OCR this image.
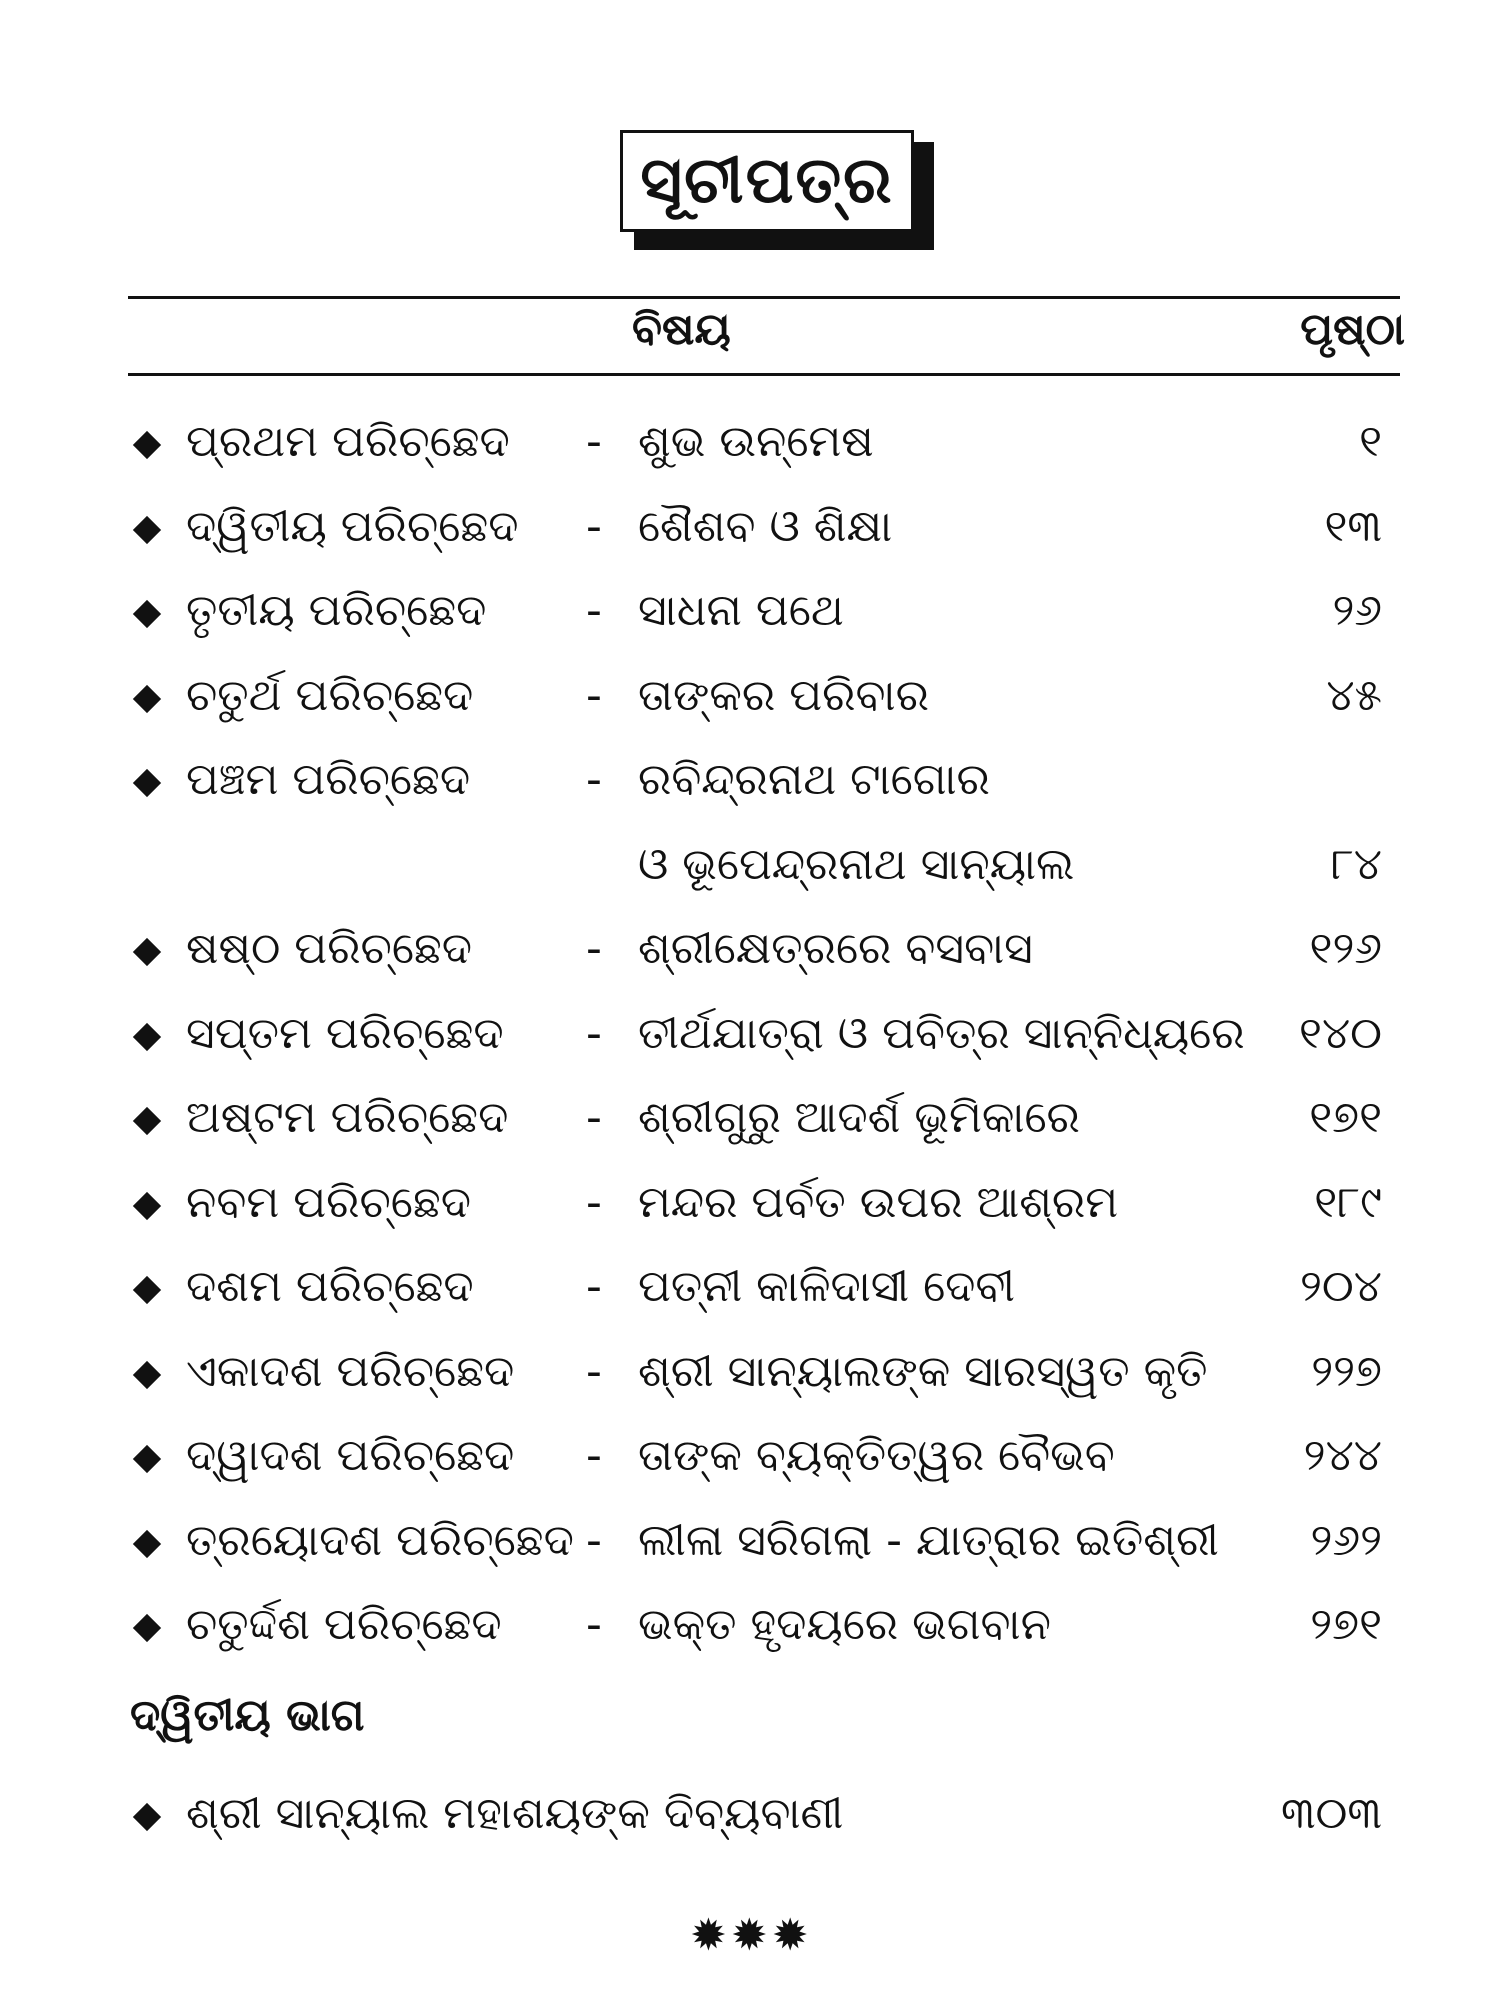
ସୂଚୀପତ୍ର
ବିଷୟ	ପୃଷ୍ଠା
ପ୍ରଥମ ପରିଚ୍ଛେଦ - ଶୁଭ ଉନ୍ମେଷ	୧
ଦ୍ୱିତୀୟ ପରିଚ୍ଛେଦ - ଶୈଶବ ଓ ଶିକ୍ଷା	୧୩
ତୃତୀୟ ପରିଚ୍ଛେଦ - ସାଧନା ପଥେ	୨୬
ଚତୁର୍ଥ ପରିଚ୍ଛେଦ	- ତାଙ୍କର ପରିବାର	୪୫
ପଞ୍ଚମ ପରିଚ୍ଛେଦ	- ରବିନ୍ଦ୍ରନାଥ ଟାଗୋର
ଓ ଭୂପେନ୍ଦ୍ରନାଥ ସାନ୍ୟାଲ	୮୪
ଷଷ୍ଠ ପରିଚ୍ଛେଦ	- ଶ୍ରୀକ୍ଷେତ୍ରରେ ବସବାସ	୧୨୬
ସପ୍ତମ ପରିଚ୍ଛେଦ - ତୀର୍ଥଯାତ୍ରା ଓ ପବିତ୍ର ସାନ୍ନିଧ୍ୟରେ ୧୪୦
ଅଷ୍ଟମ ପରିଚ୍ଛେଦ - ଶ୍ରୀଗୁରୁ ଆଦର୍ଶ ଭୂମିକାରେ	୧୭୧
ନବମ ପରିଚ୍ଛେଦ	- ମନ୍ଦର ପର୍ବତ ଉପର ଆଶ୍ରମ	୧୮୯
ଦଶମ ପରିଚ୍ଛେଦ	- ପତ୍ନୀ କାଳିଦାସୀ ଦେବୀ	୨୦୪
ଏକାଦଶ ପରିଚ୍ଛେଦ - ଶ୍ରୀ ସାନ୍ୟାଲଙ୍କ ସାରସ୍ୱତ କୃତି ୨୨୭
ଦ୍ୱାଦଶ ପରିଚ୍ଛେଦ - ତାଙ୍କ ବ୍ୟକ୍ତିତ୍ୱର ବୈଭବ	୨୪୪
ତ୍ରୟୋଦଶ ପରିଚ୍ଛେଦ - ଲୀଳା ସରିଗଲା - ଯାତ୍ରାର ଇତିଶ୍ରୀ ୨୬୨
ଚତୁର୍ଦ୍ଦଶ ପରିଚ୍ଛେଦ - ଭକ୍ତ ହୃଦୟରେ ଭଗବାନ	୨୭୧
ଦ୍ୱିତୀୟ ଭାଗ
ଶ୍ରୀ ସାନ୍ୟାଲ ମହାଶୟଙ୍କ ଦିବ୍ୟବାଣୀ	୩୦୩
✹✹✹
